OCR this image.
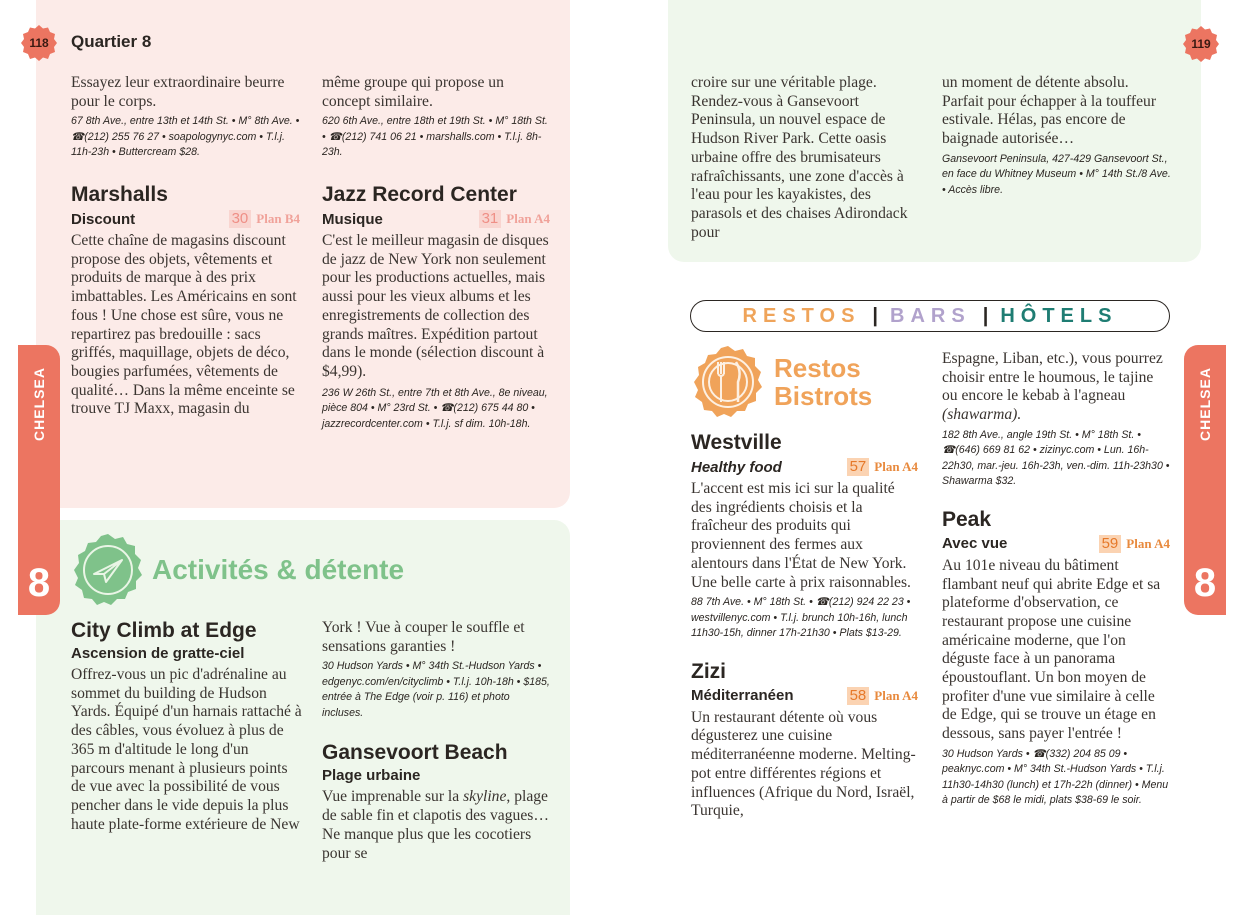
CHELSEA
8
CHELSEA
8
118	119
Quartier 8
Essayez leur extraordinaire beurre pour le corps.
67 8th Ave., entre 13th et 14th St. • M° 8th Ave. • ☎(212) 255 76 27 • soapologynyc.com • T.l.j. 11h-23h • Buttercream $28.
même groupe qui propose un concept similaire.
620 6th Ave., entre 18th et 19th St. • M° 18th St. • ☎(212) 741 06 21 • marshalls.com • T.l.j. 8h-23h.
Marshalls
Discount	30 Plan B4
Cette chaîne de magasins discount propose des objets, vêtements et produits de marque à des prix imbattables. Les Américains en sont fous ! Une chose est sûre, vous ne repartirez pas bredouille : sacs griffés, maquillage, objets de déco, bougies parfumées, vêtements de qualité… Dans la même enceinte se trouve TJ Maxx, magasin du
Jazz Record Center
Musique	31 Plan A4
C'est le meilleur magasin de disques de jazz de New York non seulement pour les productions actuelles, mais aussi pour les vieux albums et les enregistrements de collection des grands maîtres. Expédition partout dans le monde (sélection discount à $4,99).
236 W 26th St., entre 7th et 8th Ave., 8e niveau, pièce 804 • M° 23rd St. • ☎(212) 675 44 80 • jazzrecordcenter.com • T.l.j. sf dim. 10h-18h.
Activités & détente
City Climb at Edge
Ascension de gratte-ciel
Offrez-vous un pic d'adrénaline au sommet du building de Hudson Yards. Équipé d'un harnais rattaché à des câbles, vous évoluez à plus de 365 m d'altitude le long d'un parcours menant à plusieurs points de vue avec la possibilité de vous pencher dans le vide depuis la plus haute plate-forme extérieure de New
York ! Vue à couper le souffle et sensations garanties !
30 Hudson Yards • M° 34th St.-Hudson Yards • edgenyc.com/en/cityclimb • T.l.j. 10h-18h • $185, entrée à The Edge (voir p. 116) et photo incluses.
Gansevoort Beach
Plage urbaine
Vue imprenable sur la skyline, plage de sable fin et clapotis des vagues… Ne manque plus que les cocotiers pour se
croire sur une véritable plage. Rendez-vous à Gansevoort Peninsula, un nouvel espace de Hudson River Park. Cette oasis urbaine offre des brumisateurs rafraîchissants, une zone d'accès à l'eau pour les kayakistes, des parasols et des chaises Adirondack pour
un moment de détente absolu. Parfait pour échapper à la touffeur estivale. Hélas, pas encore de baignade autorisée…
Gansevoort Peninsula, 427-429 Gansevoort St., en face du Whitney Museum • M° 14th St./8 Ave. • Accès libre.
RESTOS | BARS | HÔTELS
Restos
Bistrots
Westville
Healthy food	57 Plan A4
L'accent est mis ici sur la qualité des ingrédients choisis et la fraîcheur des produits qui proviennent des fermes aux alentours dans l'État de New York. Une belle carte à prix raisonnables.
88 7th Ave. • M° 18th St. • ☎(212) 924 22 23 • westvillenyc.com • T.l.j. brunch 10h-16h, lunch 11h30-15h, dinner 17h-21h30 • Plats $13-29.
Zizi
Méditerranéen	58 Plan A4
Un restaurant détente où vous dégusterez une cuisine méditerranéenne moderne. Melting-pot entre différentes régions et influences (Afrique du Nord, Israël, Turquie,
Espagne, Liban, etc.), vous pourrez choisir entre le houmous, le tajine ou encore le kebab à l'agneau (shawarma).
182 8th Ave., angle 19th St. • M° 18th St. • ☎(646) 669 81 62 • zizinyc.com • Lun. 16h-22h30, mar.-jeu. 16h-23h, ven.-dim. 11h-23h30 • Shawarma $32.
Peak
Avec vue	59 Plan A4
Au 101e niveau du bâtiment flambant neuf qui abrite Edge et sa plateforme d'observation, ce restaurant propose une cuisine américaine moderne, que l'on déguste face à un panorama époustouflant. Un bon moyen de profiter d'une vue similaire à celle de Edge, qui se trouve un étage en dessous, sans payer l'entrée !
30 Hudson Yards • ☎(332) 204 85 09 • peaknyc.com • M° 34th St.-Hudson Yards • T.l.j. 11h30-14h30 (lunch) et 17h-22h (dinner) • Menu à partir de $68 le midi, plats $38-69 le soir.
